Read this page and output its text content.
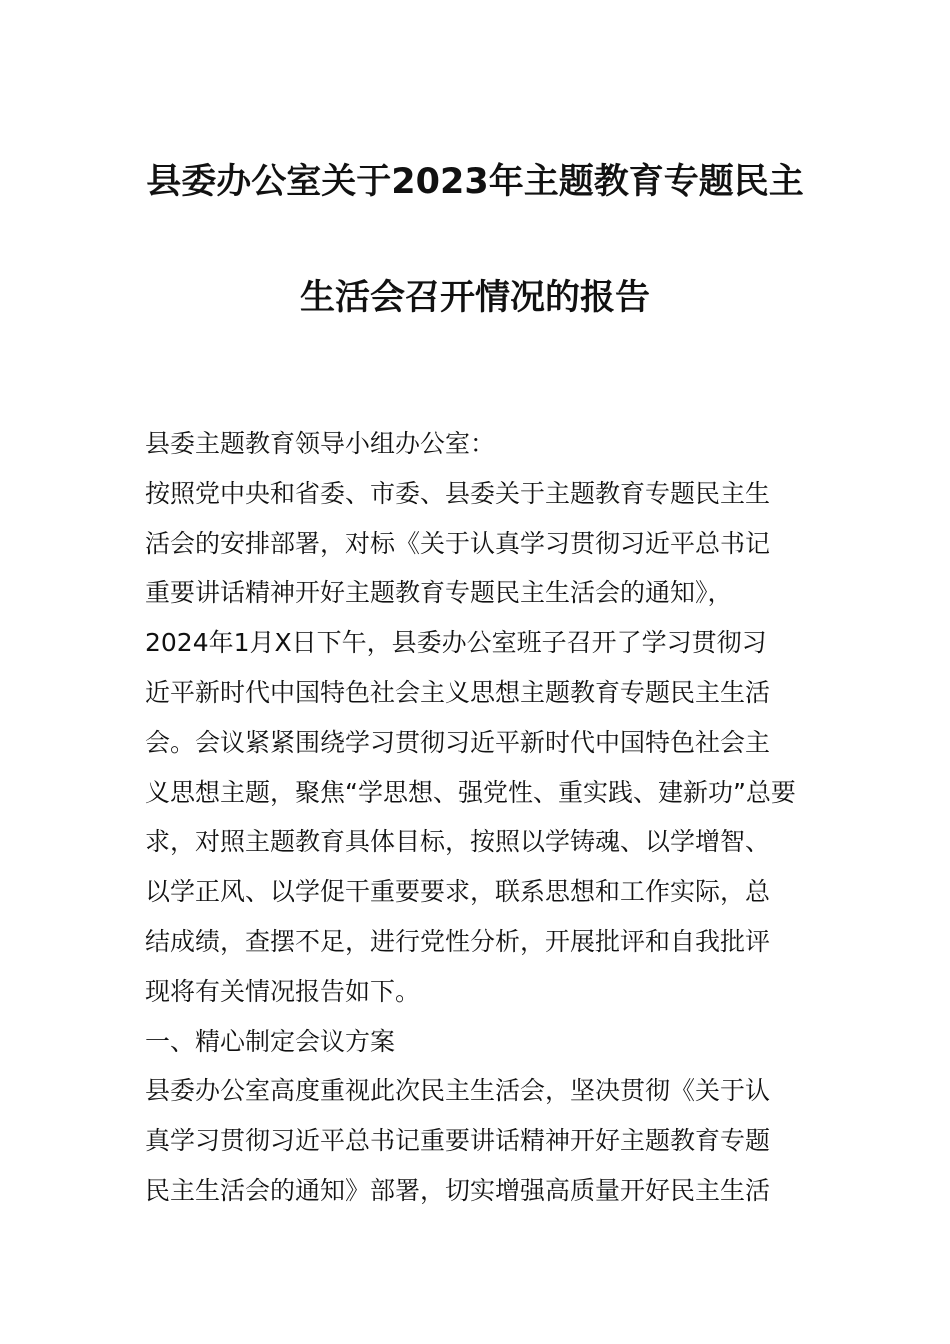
县委办公室关于2023年主题教育专题民主
生活会召开情况的报告
县委主题教育领导小组办公室：
按照党中央和省委、市委、县委关于主题教育专题民主生
活会的安排部署，对标《关于认真学习贯彻习近平总书记
重要讲话精神开好主题教育专题民主生活会的通知》，
2024年1月X日下午，县委办公室班子召开了学习贯彻习
近平新时代中国特色社会主义思想主题教育专题民主生活
会。会议紧紧围绕学习贯彻习近平新时代中国特色社会主
义思想主题，聚焦“学思想、强党性、重实践、建新功”总要
求，对照主题教育具体目标，按照以学铸魂、以学增智、
以学正风、以学促干重要要求，联系思想和工作实际，总
结成绩，查摆不足，进行党性分析，开展批评和自我批评
现将有关情况报告如下。
一、精心制定会议方案
县委办公室高度重视此次民主生活会，坚决贯彻《关于认
真学习贯彻习近平总书记重要讲话精神开好主题教育专题
民主生活会的通知》部署，切实增强高质量开好民主生活
